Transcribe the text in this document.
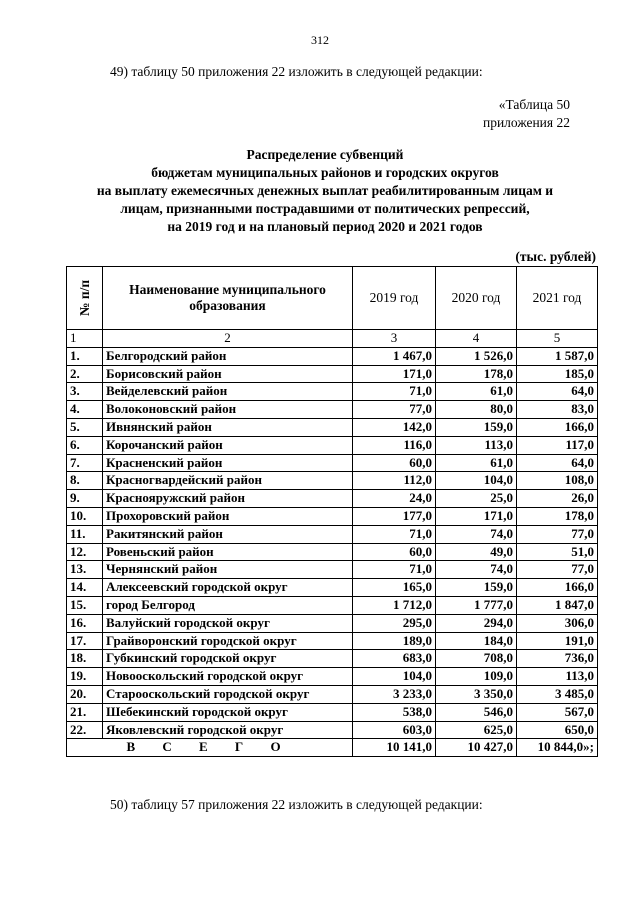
312
49) таблицу 50 приложения 22 изложить в следующей редакции:
«Таблица 50
приложения 22
Распределение субвенций
бюджетам муниципальных районов и городских округов
на выплату ежемесячных денежных выплат реабилитированным лицам и
лицам, признанными пострадавшими от политических репрессий,
на 2019 год и на плановый период 2020 и 2021 годов
(тыс. рублей)
№ п/п	Наименование муниципального образования	2019 год	2020 год	2021 год
1	2	3	4	5
1.	Белгородский район	1 467,0	1 526,0	1 587,0
2.	Борисовский район	171,0	178,0	185,0
3.	Вейделевский район	71,0	61,0	64,0
4.	Волоконовский район	77,0	80,0	83,0
5.	Ивнянский район	142,0	159,0	166,0
6.	Корочанский район	116,0	113,0	117,0
7.	Красненский район	60,0	61,0	64,0
8.	Красногвардейский район	112,0	104,0	108,0
9.	Краснояружский район	24,0	25,0	26,0
10.	Прохоровский район	177,0	171,0	178,0
11.	Ракитянский район	71,0	74,0	77,0
12.	Ровеньский район	60,0	49,0	51,0
13.	Чернянский район	71,0	74,0	77,0
14.	Алексеевский городской округ	165,0	159,0	166,0
15.	город Белгород	1 712,0	1 777,0	1 847,0
16.	Валуйский городской округ	295,0	294,0	306,0
17.	Грайворонский городской округ	189,0	184,0	191,0
18.	Губкинский городской округ	683,0	708,0	736,0
19.	Новооскольский городской округ	104,0	109,0	113,0
20.	Старооскольский городской округ	3 233,0	3 350,0	3 485,0
21.	Шебекинский городской округ	538,0	546,0	567,0
22.	Яковлевский городской округ	603,0	625,0	650,0
В С Е Г О		10 141,0	10 427,0	10 844,0»;
50) таблицу 57 приложения 22 изложить в следующей редакции:
